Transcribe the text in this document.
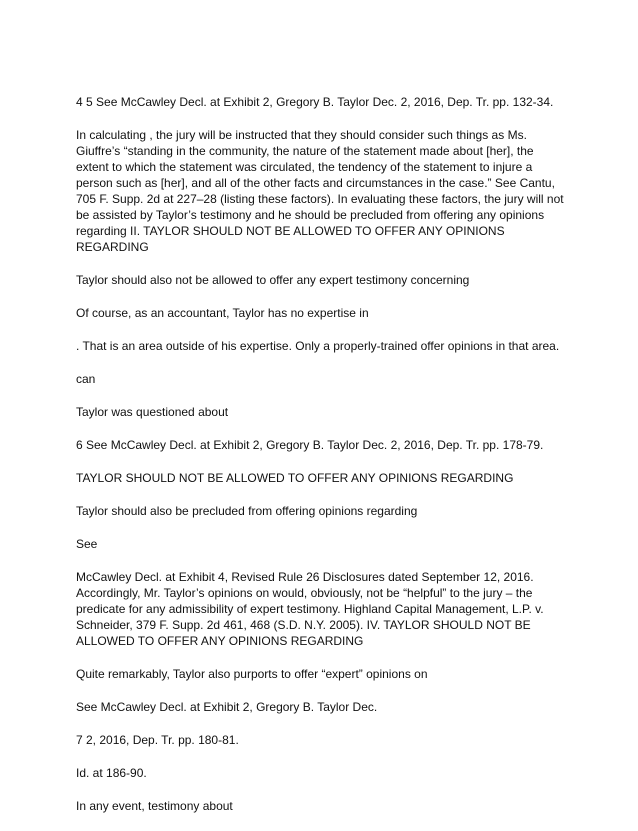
4 5 See McCawley Decl. at Exhibit 2, Gregory B. Taylor Dec. 2, 2016, Dep. Tr. pp. 132-34.

In calculating , the jury will be instructed that they should consider such things as Ms. Giuffre’s “standing in the community, the nature of the statement made about [her], the extent to which the statement was circulated, the tendency of the statement to injure a person such as [her], and all of the other facts and circumstances in the case.” See Cantu, 705 F. Supp. 2d at 227–28 (listing these factors). In evaluating these factors, the jury will not be assisted by Taylor’s testimony and he should be precluded from offering any opinions regarding II. TAYLOR SHOULD NOT BE ALLOWED TO OFFER ANY OPINIONS REGARDING

Taylor should also not be allowed to offer any expert testimony concerning

Of course, as an accountant, Taylor has no expertise in

. That is an area outside of his expertise. Only a properly-trained offer opinions in that area.

can

Taylor was questioned about

6 See McCawley Decl. at Exhibit 2, Gregory B. Taylor Dec. 2, 2016, Dep. Tr. pp. 178-79.

TAYLOR SHOULD NOT BE ALLOWED TO OFFER ANY OPINIONS REGARDING

Taylor should also be precluded from offering opinions regarding

See

McCawley Decl. at Exhibit 4, Revised Rule 26 Disclosures dated September 12, 2016. Accordingly, Mr. Taylor’s opinions on would, obviously, not be “helpful” to the jury – the predicate for any admissibility of expert testimony. Highland Capital Management, L.P. v. Schneider, 379 F. Supp. 2d 461, 468 (S.D. N.Y. 2005). IV. TAYLOR SHOULD NOT BE ALLOWED TO OFFER ANY OPINIONS REGARDING

Quite remarkably, Taylor also purports to offer “expert” opinions on

See McCawley Decl. at Exhibit 2, Gregory B. Taylor Dec.

7 2, 2016, Dep. Tr. pp. 180-81.

Id. at 186-90.

In any event, testimony about
